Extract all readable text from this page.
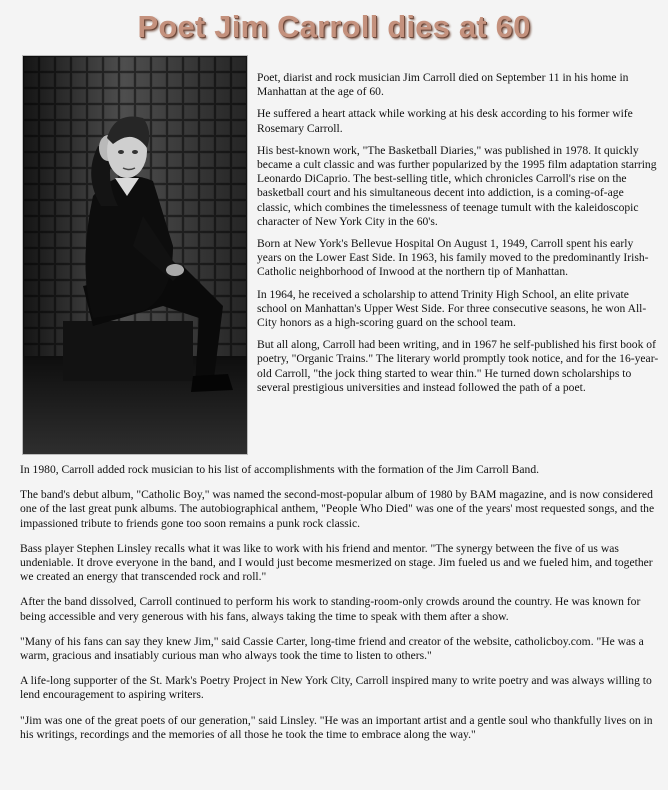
Poet Jim Carroll dies at 60

Poet, diarist and rock musician Jim Carroll died on September 11 in his home in Manhattan at the age of 60.

He suffered a heart attack while working at his desk according to his former wife Rosemary Carroll.

His best-known work, "The Basketball Diaries," was published in 1978. It quickly became a cult classic and was further popularized by the 1995 film adaptation starring Leonardo DiCaprio. The best-selling title, which chronicles Carroll's rise on the basketball court and his simultaneous decent into addiction, is a coming-of-age classic, which combines the timelessness of teenage tumult with the kaleidoscopic character of New York City in the 60's.

Born at New York's Bellevue Hospital On August 1, 1949, Carroll spent his early years on the Lower East Side. In 1963, his family moved to the predominantly Irish-Catholic neighborhood of Inwood at the northern tip of Manhattan.

In 1964, he received a scholarship to attend Trinity High School, an elite private school on Manhattan's Upper West Side. For three consecutive seasons, he won All-City honors as a high-scoring guard on the school team.

But all along, Carroll had been writing, and in 1967 he self-published his first book of poetry, "Organic Trains." The literary world promptly took notice, and for the 16-year-old Carroll, "the jock thing started to wear thin." He turned down scholarships to several prestigious universities and instead followed the path of a poet.

In 1980, Carroll added rock musician to his list of accomplishments with the formation of the Jim Carroll Band.

The band's debut album, "Catholic Boy," was named the second-most-popular album of 1980 by BAM magazine, and is now considered one of the last great punk albums. The autobiographical anthem, "People Who Died" was one of the years' most requested songs, and the impassioned tribute to friends gone too soon remains a punk rock classic.

Bass player Stephen Linsley recalls what it was like to work with his friend and mentor. "The synergy between the five of us was undeniable. It drove everyone in the band, and I would just become mesmerized on stage. Jim fueled us and we fueled him, and together we created an energy that transcended rock and roll."

After the band dissolved, Carroll continued to perform his work to standing-room-only crowds around the country. He was known for being accessible and very generous with his fans, always taking the time to speak with them after a show.

"Many of his fans can say they knew Jim," said Cassie Carter, long-time friend and creator of the website, catholicboy.com. "He was a warm, gracious and insatiably curious man who always took the time to listen to others."

A life-long supporter of the St. Mark's Poetry Project in New York City, Carroll inspired many to write poetry and was always willing to lend encouragement to aspiring writers.

"Jim was one of the great poets of our generation," said Linsley. "He was an important artist and a gentle soul who thankfully lives on in his writings, recordings and the memories of all those he took the time to embrace along the way."
